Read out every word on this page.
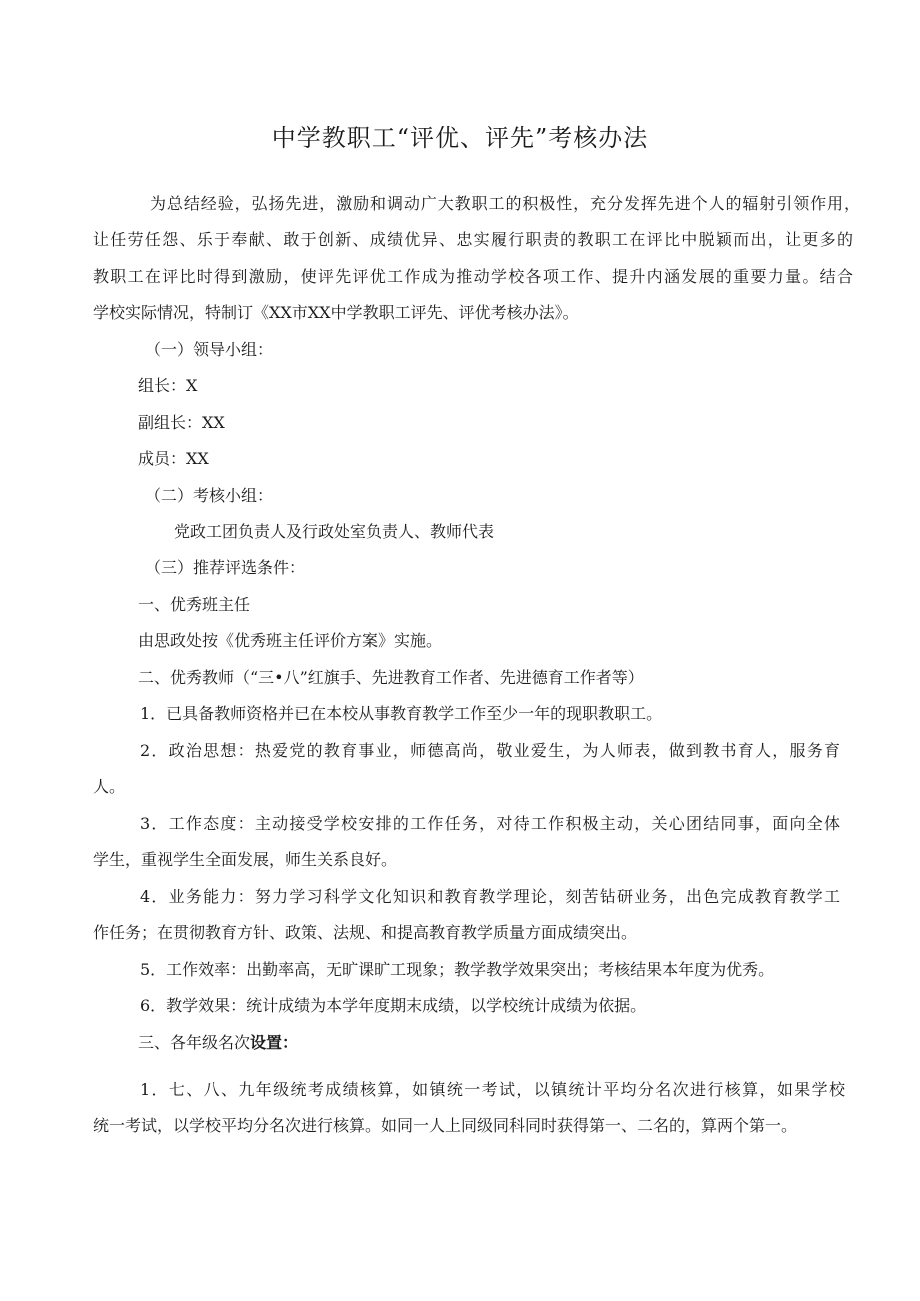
中学教职工“评优、评先”考核办法
为总结经验，弘扬先进，激励和调动广大教职工的积极性，充分发挥先进个人的辐射引领作用，
让任劳任怨、乐于奉献、敢于创新、成绩优异、忠实履行职责的教职工在评比中脱颖而出，让更多的
教职工在评比时得到激励，使评先评优工作成为推动学校各项工作、提升内涵发展的重要力量。结合
学校实际情况，特制订《XX市XX中学教职工评先、评优考核办法》。
（一）领导小组：
组长：X
副组长：XX
成员：XX
（二）考核小组：
党政工团负责人及行政处室负责人、教师代表
（三）推荐评选条件：
一、优秀班主任
由思政处按《优秀班主任评价方案》实施。
二、优秀教师（“三•八”红旗手、先进教育工作者、先进德育工作者等）
1．已具备教师资格并已在本校从事教育教学工作至少一年的现职教职工。
2．政治思想：热爱党的教育事业，师德高尚，敬业爱生，为人师表，做到教书育人，服务育
人。
3．工作态度：主动接受学校安排的工作任务，对待工作积极主动，关心团结同事，面向全体
学生，重视学生全面发展，师生关系良好。
4．业务能力：努力学习科学文化知识和教育教学理论，刻苦钻研业务，出色完成教育教学工
作任务；在贯彻教育方针、政策、法规、和提高教育教学质量方面成绩突出。
5．工作效率：出勤率高，无旷课旷工现象；教学教学效果突出；考核结果本年度为优秀。
6．教学效果：统计成绩为本学年度期末成绩，以学校统计成绩为依据。
三、各年级名次设置：
1．七、八、九年级统考成绩核算，如镇统一考试，以镇统计平均分名次进行核算，如果学校
统一考试，以学校平均分名次进行核算。如同一人上同级同科同时获得第一、二名的，算两个第一。
